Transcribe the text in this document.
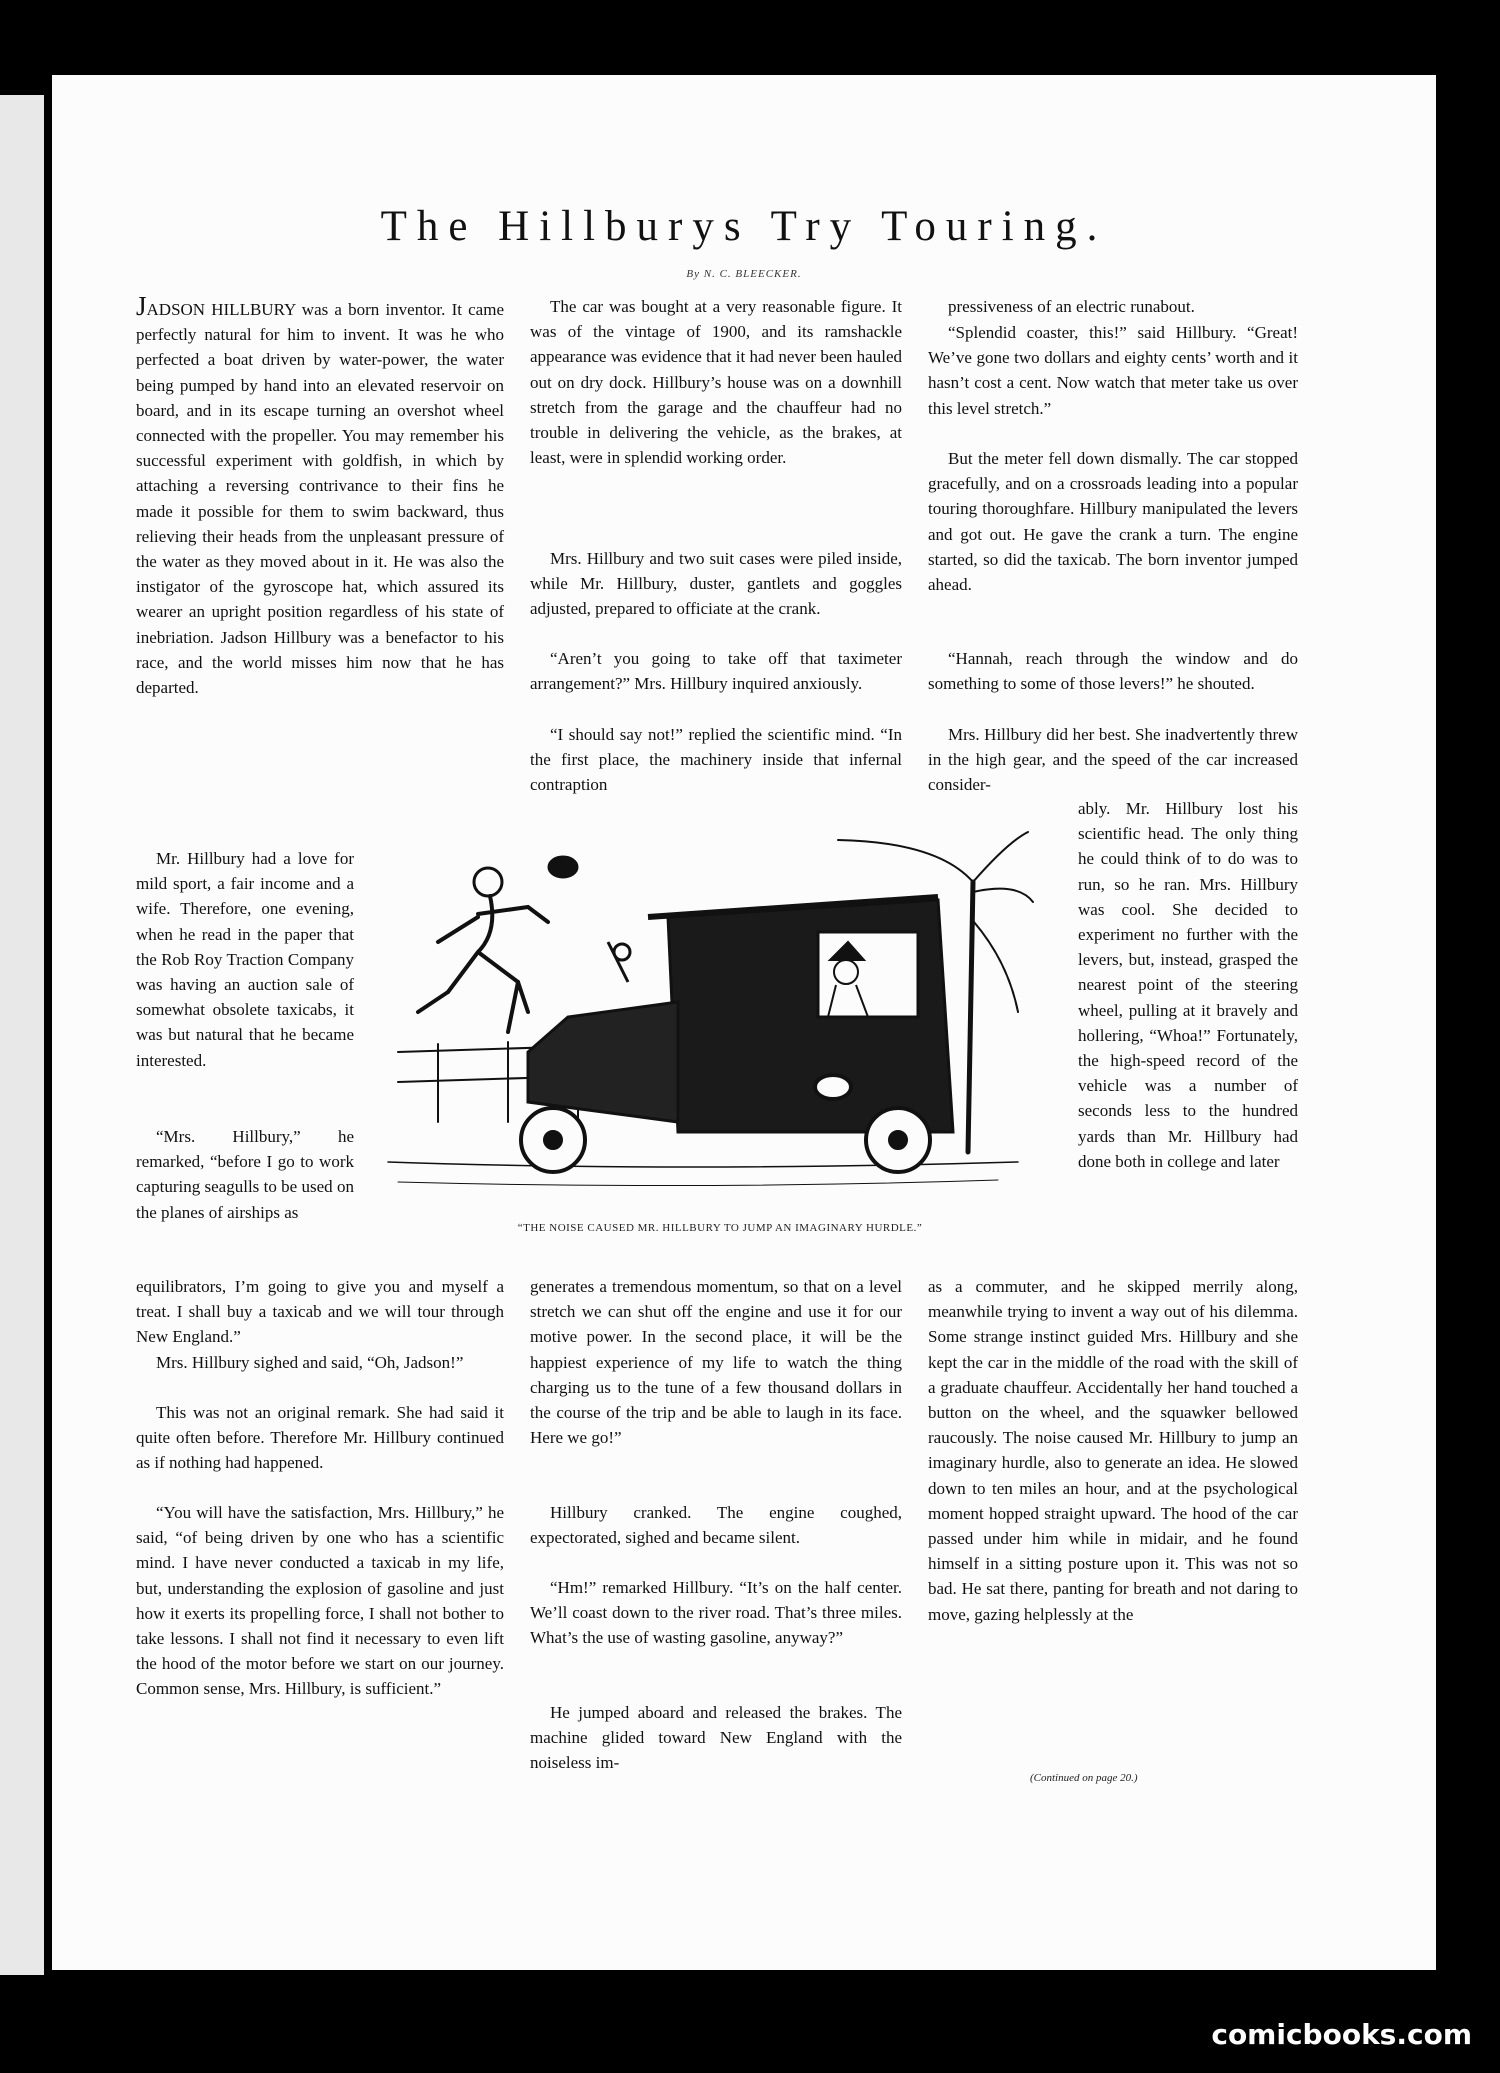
The Hillburys Try Touring.
By N. C. BLEECKER.

JADSON HILLBURY was a born inventor. It came perfectly natural for him to invent. It was he who perfected a boat driven by water-power, the water being pumped by hand into an elevated reservoir on board, and in its escape turning an overshot wheel connected with the propeller. You may remember his successful experiment with goldfish, in which by attaching a reversing contrivance to their fins he made it possible for them to swim backward, thus relieving their heads from the unpleasant pressure of the water as they moved about in it. He was also the instigator of the gyroscope hat, which assured its wearer an upright position regardless of his state of inebriation. Jadson Hillbury was a benefactor to his race, and the world misses him now that he has departed.

Mr. Hillbury had a love for mild sport, a fair income and a wife. Therefore, one evening, when he read in the paper that the Rob Roy Traction Company was having an auction sale of somewhat obsolete taxicabs, it was but natural that he became interested.

“Mrs. Hillbury,” he remarked, “before I go to work capturing seagulls to be used on the planes of airships as

equilibrators, I’m going to give you and myself a treat. I shall buy a taxicab and we will tour through New England.”

Mrs. Hillbury sighed and said, “Oh, Jadson!”

This was not an original remark. She had said it quite often before. Therefore Mr. Hillbury continued as if nothing had happened.

“You will have the satisfaction, Mrs. Hillbury,” he said, “of being driven by one who has a scientific mind. I have never conducted a taxicab in my life, but, understanding the explosion of gasoline and just how it exerts its propelling force, I shall not bother to take lessons. I shall not find it necessary to even lift the hood of the motor before we start on our journey. Common sense, Mrs. Hillbury, is sufficient.”

The car was bought at a very reasonable figure. It was of the vintage of 1900, and its ramshackle appearance was evidence that it had never been hauled out on dry dock. Hillbury’s house was on a downhill stretch from the garage and the chauffeur had no trouble in delivering the vehicle, as the brakes, at least, were in splendid working order.

Mrs. Hillbury and two suit cases were piled inside, while Mr. Hillbury, duster, gantlets and goggles adjusted, prepared to officiate at the crank.

“Aren’t you going to take off that taximeter arrangement?” Mrs. Hillbury inquired anxiously.

“I should say not!” replied the scientific mind. “In the first place, the machinery inside that infernal contraption

generates a tremendous momentum, so that on a level stretch we can shut off the engine and use it for our motive power. In the second place, it will be the happiest experience of my life to watch the thing charging us to the tune of a few thousand dollars in the course of the trip and be able to laugh in its face. Here we go!”

Hillbury cranked. The engine coughed, expectorated, sighed and became silent.

“Hm!” remarked Hillbury. “It’s on the half center. We’ll coast down to the river road. That’s three miles. What’s the use of wasting gasoline, anyway?”

He jumped aboard and released the brakes. The machine glided toward New England with the noiseless im-

pressiveness of an electric runabout.

“Splendid coaster, this!” said Hillbury. “Great! We’ve gone two dollars and eighty cents’ worth and it hasn’t cost a cent. Now watch that meter take us over this level stretch.”

But the meter fell down dismally. The car stopped gracefully, and on a crossroads leading into a popular touring thoroughfare. Hillbury manipulated the levers and got out. He gave the crank a turn. The engine started, so did the taxicab. The born inventor jumped ahead.

“Hannah, reach through the window and do something to some of those levers!” he shouted.

Mrs. Hillbury did her best. She inadvertently threw in the high gear, and the speed of the car increased consider-

ably. Mr. Hillbury lost his scientific head. The only thing he could think of to do was to run, so he ran. Mrs. Hillbury was cool. She decided to experiment no further with the levers, but, instead, grasped the nearest point of the steering wheel, pulling at it bravely and hollering, “Whoa!” Fortunately, the high-speed record of the vehicle was a number of seconds less to the hundred yards than Mr. Hillbury had done both in college and later

as a commuter, and he skipped merrily along, meanwhile trying to invent a way out of his dilemma. Some strange instinct guided Mrs. Hillbury and she kept the car in the middle of the road with the skill of a graduate chauffeur. Accidentally her hand touched a button on the wheel, and the squawker bellowed raucously. The noise caused Mr. Hillbury to jump an imaginary hurdle, also to generate an idea. He slowed down to ten miles an hour, and at the psychological moment hopped straight upward. The hood of the car passed under him while in midair, and he found himself in a sitting posture upon it. This was not so bad. He sat there, panting for breath and not daring to move, gazing helplessly at the

“THE NOISE CAUSED MR. HILLBURY TO JUMP AN IMAGINARY HURDLE.”

(Continued on page 20.)

comicbooks.com
